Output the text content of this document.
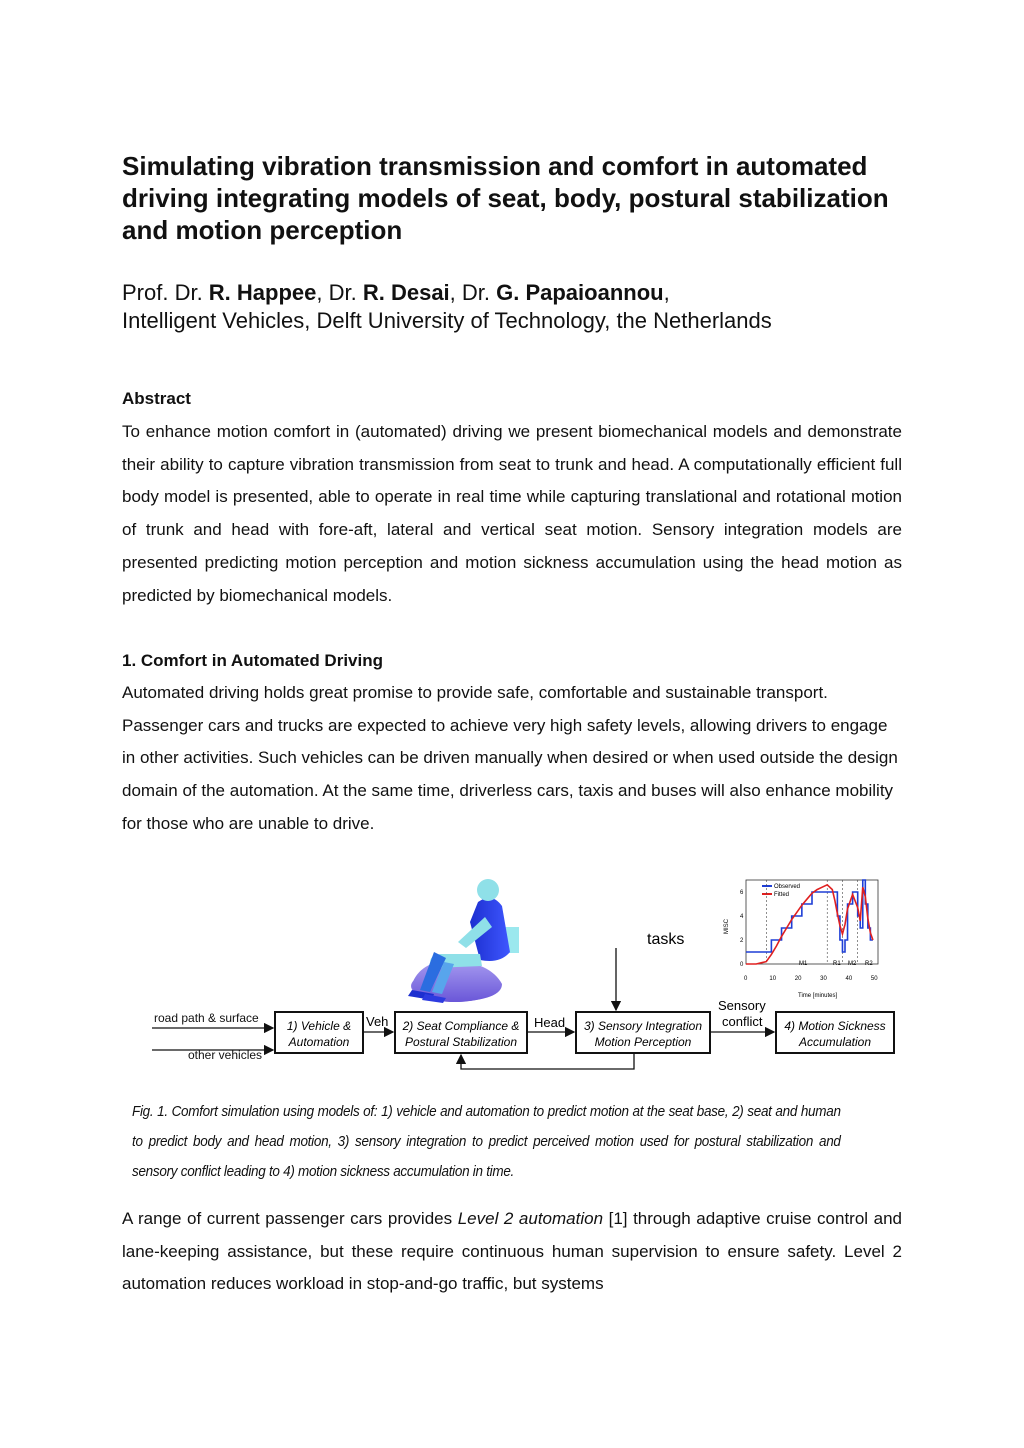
Simulating vibration transmission and comfort in automated driving integrating models of seat, body, postural stabilization and motion perception
Prof. Dr. R. Happee, Dr. R. Desai, Dr. G. Papaioannou,
Intelligent Vehicles, Delft University of Technology, the Netherlands
Abstract

To enhance motion comfort in (automated) driving we present biomechanical models and demonstrate their ability to capture vibration transmission from seat to trunk and head. A computationally efficient full body model is presented, able to operate in real time while capturing translational and rotational motion of trunk and head with fore-aft, lateral and vertical seat motion. Sensory integration models are presented predicting motion perception and motion sickness accumulation using the head motion as predicted by biomechanical models.

1. Comfort in Automated Driving

Automated driving holds great promise to provide safe, comfortable and sustainable transport. Passenger cars and trucks are expected to achieve very high safety levels, allowing drivers to engage in other activities. Such vehicles can be driven manually when desired or when used outside the design domain of the automation. At the same time, driverless cars, taxis and buses will also enhance mobility for those who are unable to drive.

Fig. 1. Comfort simulation using models of: 1) vehicle and automation to predict motion at the seat base, 2) seat and human to predict body and head motion, 3) sensory integration to predict perceived motion used for postural stabilization and sensory conflict leading to 4) motion sickness accumulation in time.

A range of current passenger cars provides Level 2 automation [1] through adaptive cruise control and lane-keeping assistance, but these require continuous human supervision to ensure safety. Level 2 automation reduces workload in stop-and-go traffic, but systems

road path & surface
other vehicles
1) Vehicle &
Automation
2) Seat Compliance &
Postural Stabilization
3) Sensory Integration
Motion Perception
4) Motion Sickness
Accumulation
Veh	Head
Sensory
conflict
tasks
MISC
Time [minutes]
Observed
Fitted
M1	R1 M2 R2
6
4
2
0
0	10	20	30	40	50
